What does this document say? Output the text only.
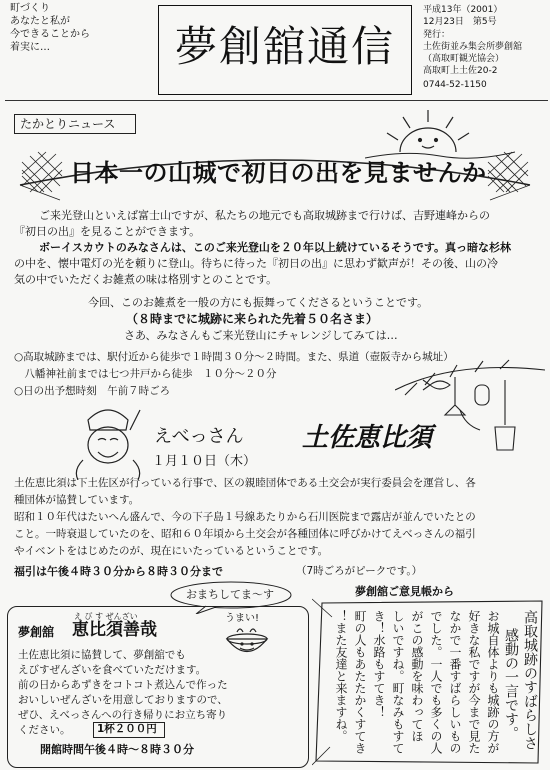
町づくり
あなたと私が
今できることから
着実に…	夢創舘通信
平成13年（2001）
12月23日　第5号
発行：
土佐街並み集会所夢創舘
（高取町観光協会）
高取町上土佐20-2
0744-52-1150
たかとりニュース
日本一の山城で初日の出を見ませんか
　ご来光登山といえば富士山ですが、私たちの地元でも高取城跡まで行けば、吉野連峰からの
『初日の出』を見ることができます。
　ボーイスカウトのみなさんは、このご来光登山を２０年以上続けているそうです。真っ暗な杉林
の中を、懐中電灯の光を頼りに登山。待ちに待った『初日の出』に思わず歓声が！その後、山の冷
気の中でいただくお雑煮の味は格別すとのことです。
今回、このお雑煮を一般の方にも振舞ってくださるということです。
（８時までに城跡に来られた先着５０名さま）
さあ、みなさんもご来光登山にチャレンジしてみては…
○高取城跡までは、駅付近から徒歩で１時間３０分～２時間。また、県道（壺阪寺から城址）
　八幡神社前までは七つ井戸から徒歩　１０分～２０分
○日の出予想時刻　午前７時ごろ
えべっさん 土佐恵比須
１月１０日（木）
土佐恵比須は下土佐区が行っている行事で、区の親睦団体である土交会が実行委員会を運営し、各
種団体が協賛しています。
昭和１０年代はたいへん盛んで、今の下子島１号線あたりから石川医院まで露店が並んでいたとの
こと。一時衰退していたのを、昭和６０年頃から土交会が各種団体に呼びかけてえべっさんの福引
やイベントをはじめたのが、現在にいたっているということです。
福引は午後４時３０分から８時３０分まで	（7時ごろがピークです。）
おまちしてま～す
え び す ぜんざい
夢創舘 恵比須善哉
うまい!
土佐恵比須に協賛して、夢創舘でも
えびすぜんざいを食べていただけます。
前の日からあずきをコトコト煮込んで作った
おいしいぜんざいを用意しておりますので、
ぜひ、えべっさんへの行き帰りにお立ち寄り
ください。	1杯２００円
開館時間午後４時～８時３０分
夢創舘ご意見帳から
高取城跡のすばらしさ
感動の一言です。
お城自体よりも城跡の方が
好きな私ですが今まで見た
なかで一番すばらしいもの
でした。一人でも多くの人
がこの感動を味わってほ
しいですね。町なみもすて
き！水路もすてき！
町の人もあたたかくすてき
！また友達と来ますね。
